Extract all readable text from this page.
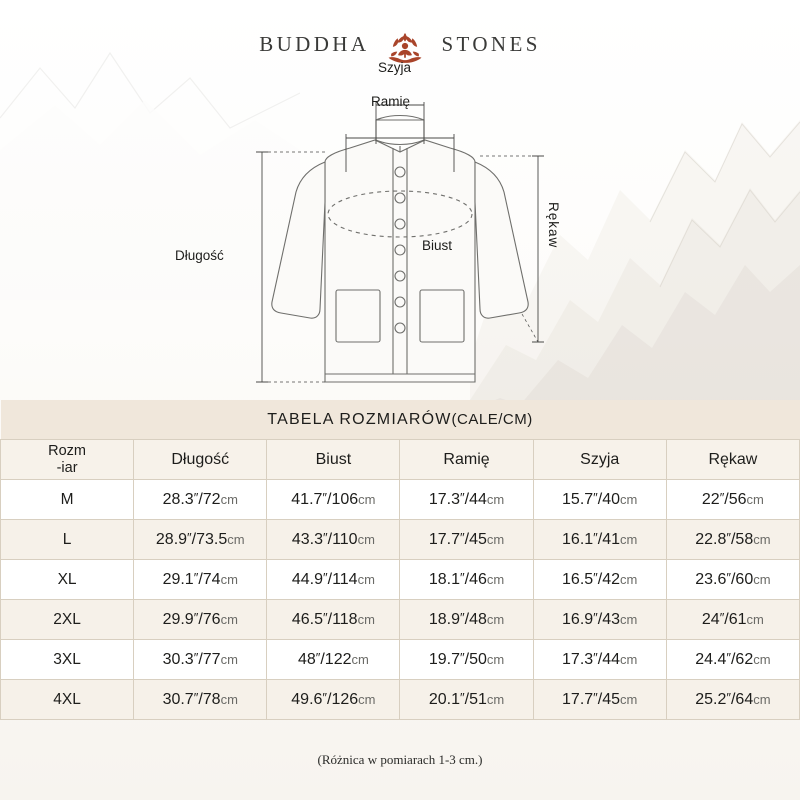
BUDDHA	STONES
Szyja
Ramię
Długość
Biust	Rękaw
TABELA ROZMIARÓW(CALE/CM)					
Rozm
-iar	Długość	Biust	Ramię	Szyja	Rękaw
M	28.3″/72cm	41.7″/106cm	17.3″/44cm	15.7″/40cm	22″/56cm
L	28.9″/73.5cm	43.3″/110cm	17.7″/45cm	16.1″/41cm	22.8″/58cm
XL	29.1″/74cm	44.9″/114cm	18.1″/46cm	16.5″/42cm	23.6″/60cm
2XL	29.9″/76cm	46.5″/118cm	18.9″/48cm	16.9″/43cm	24″/61cm
3XL	30.3″/77cm	48″/122cm	19.7″/50cm	17.3″/44cm	24.4″/62cm
4XL	30.7″/78cm	49.6″/126cm	20.1″/51cm	17.7″/45cm	25.2″/64cm
(Różnica w pomiarach 1-3 cm.)
